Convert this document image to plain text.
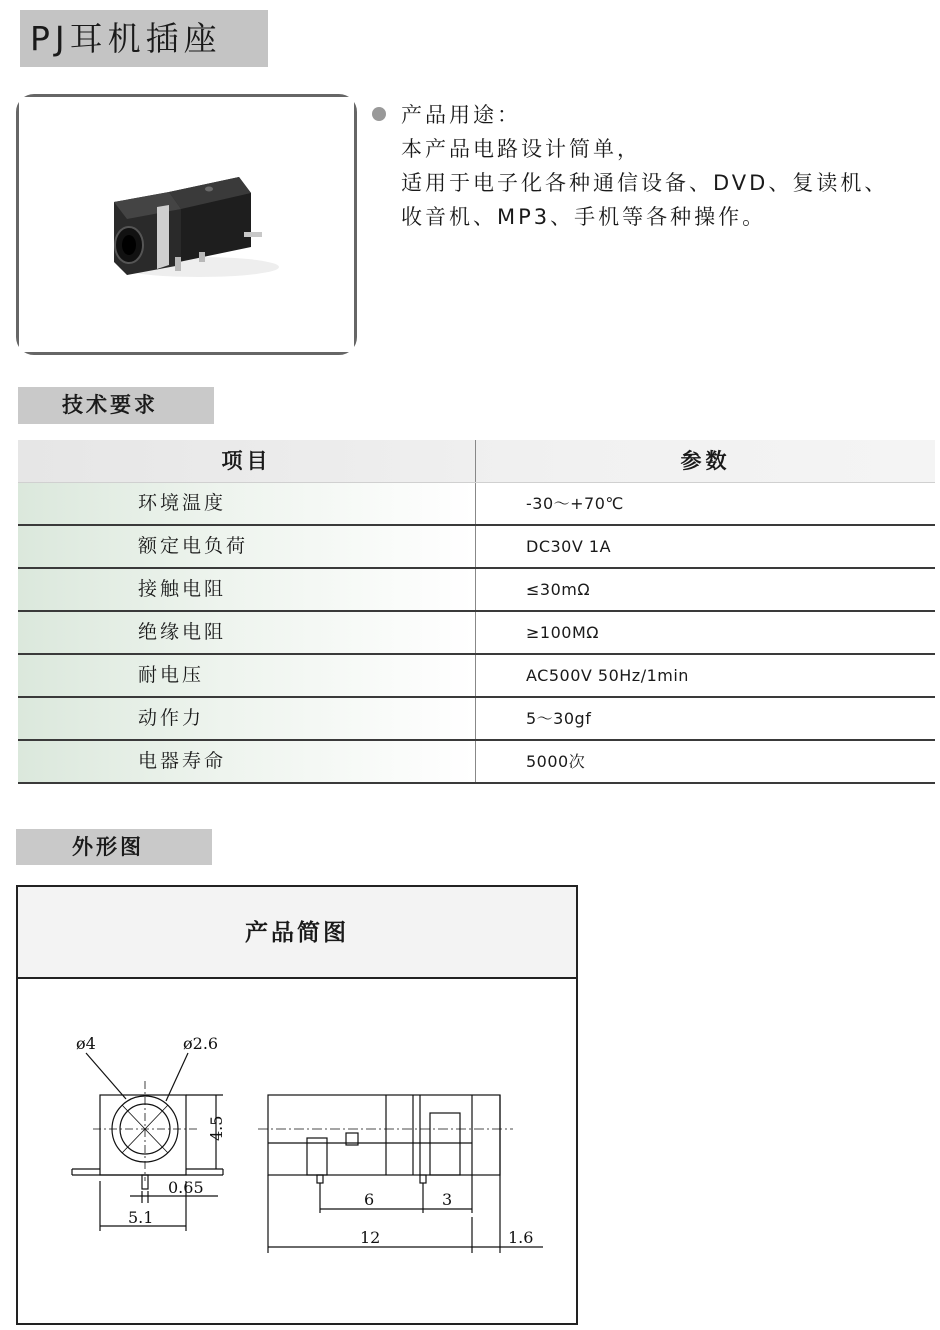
PJ耳机插座
产品用途：
本产品电路设计简单，
适用于电子化各种通信设备、DVD、复读机、
收音机、MP3、手机等各种操作。
技术要求
项目	参数
环境温度	-30～+70℃
额定电负荷	DC30V 1A
接触电阻	≤30mΩ
绝缘电阻	≥100MΩ
耐电压	AC500V 50Hz/1min
动作力	5～30gf
电器寿命	5000次
外形图
产品简图
ø4	ø2.6
4.5
0.65
5.1
6	3
12	1.6
